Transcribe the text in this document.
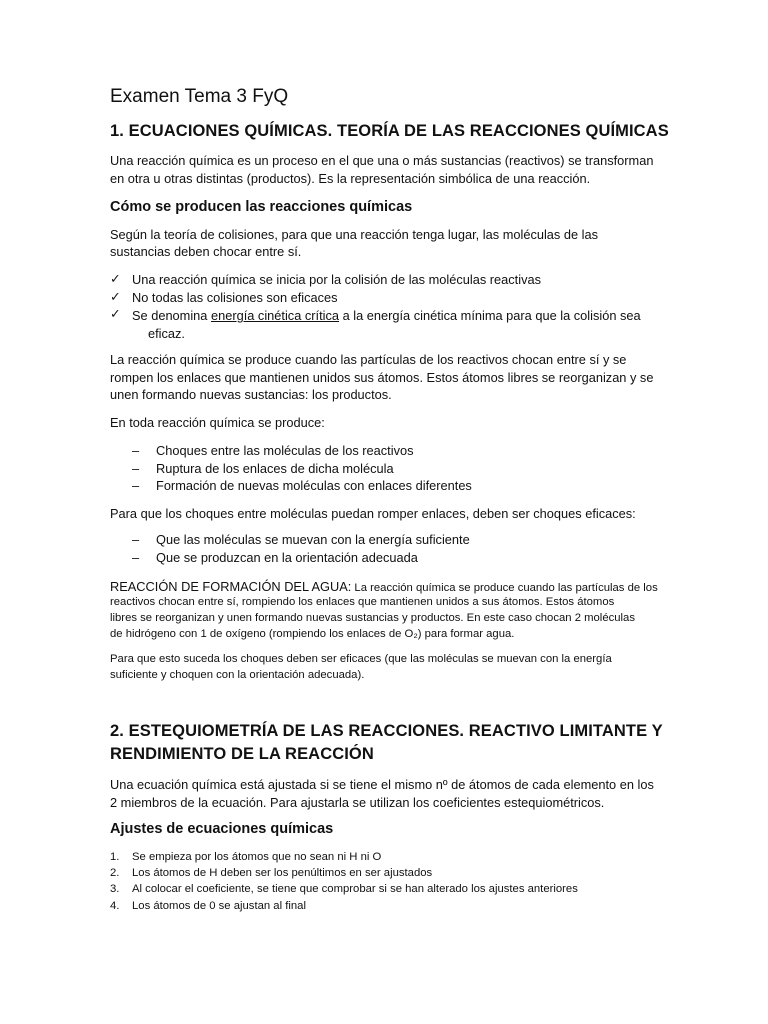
Examen Tema 3 FyQ
1. ECUACIONES QUÍMICAS. TEORÍA DE LAS REACCIONES QUÍMICAS
Una reacción química es un proceso en el que una o más sustancias (reactivos) se transforman
en otra u otras distintas (productos). Es la representación simbólica de una reacción.
Cómo se producen las reacciones químicas
Según la teoría de colisiones, para que una reacción tenga lugar, las moléculas de las
sustancias deben chocar entre sí.
✓ Una reacción química se inicia por la colisión de las moléculas reactivas
✓ No todas las colisiones son eficaces
✓ Se denomina energía cinética crítica a la energía cinética mínima para que la colisión sea
eficaz.
La reacción química se produce cuando las partículas de los reactivos chocan entre sí y se
rompen los enlaces que mantienen unidos sus átomos. Estos átomos libres se reorganizan y se
unen formando nuevas sustancias: los productos.
En toda reacción química se produce:
– Choques entre las moléculas de los reactivos
– Ruptura de los enlaces de dicha molécula
– Formación de nuevas moléculas con enlaces diferentes
Para que los choques entre moléculas puedan romper enlaces, deben ser choques eficaces:
– Que las moléculas se muevan con la energía suficiente
– Que se produzcan en la orientación adecuada
REACCIÓN DE FORMACIÓN DEL AGUA: La reacción química se produce cuando las partículas de los
reactivos chocan entre sí, rompiendo los enlaces que mantienen unidos a sus átomos. Estos átomos
libres se reorganizan y unen formando nuevas sustancias y productos. En este caso chocan 2 moléculas
de hidrógeno con 1 de oxígeno (rompiendo los enlaces de O₂) para formar agua.
Para que esto suceda los choques deben ser eficaces (que las moléculas se muevan con la energía
suficiente y choquen con la orientación adecuada).
2. ESTEQUIOMETRÍA DE LAS REACCIONES. REACTIVO LIMITANTE Y
RENDIMIENTO DE LA REACCIÓN
Una ecuación química está ajustada si se tiene el mismo nº de átomos de cada elemento en los
2 miembros de la ecuación. Para ajustarla se utilizan los coeficientes estequiométricos.
Ajustes de ecuaciones químicas
1. Se empieza por los átomos que no sean ni H ni O
2. Los átomos de H deben ser los penúltimos en ser ajustados
3. Al colocar el coeficiente, se tiene que comprobar si se han alterado los ajustes anteriores
4. Los átomos de 0 se ajustan al final
